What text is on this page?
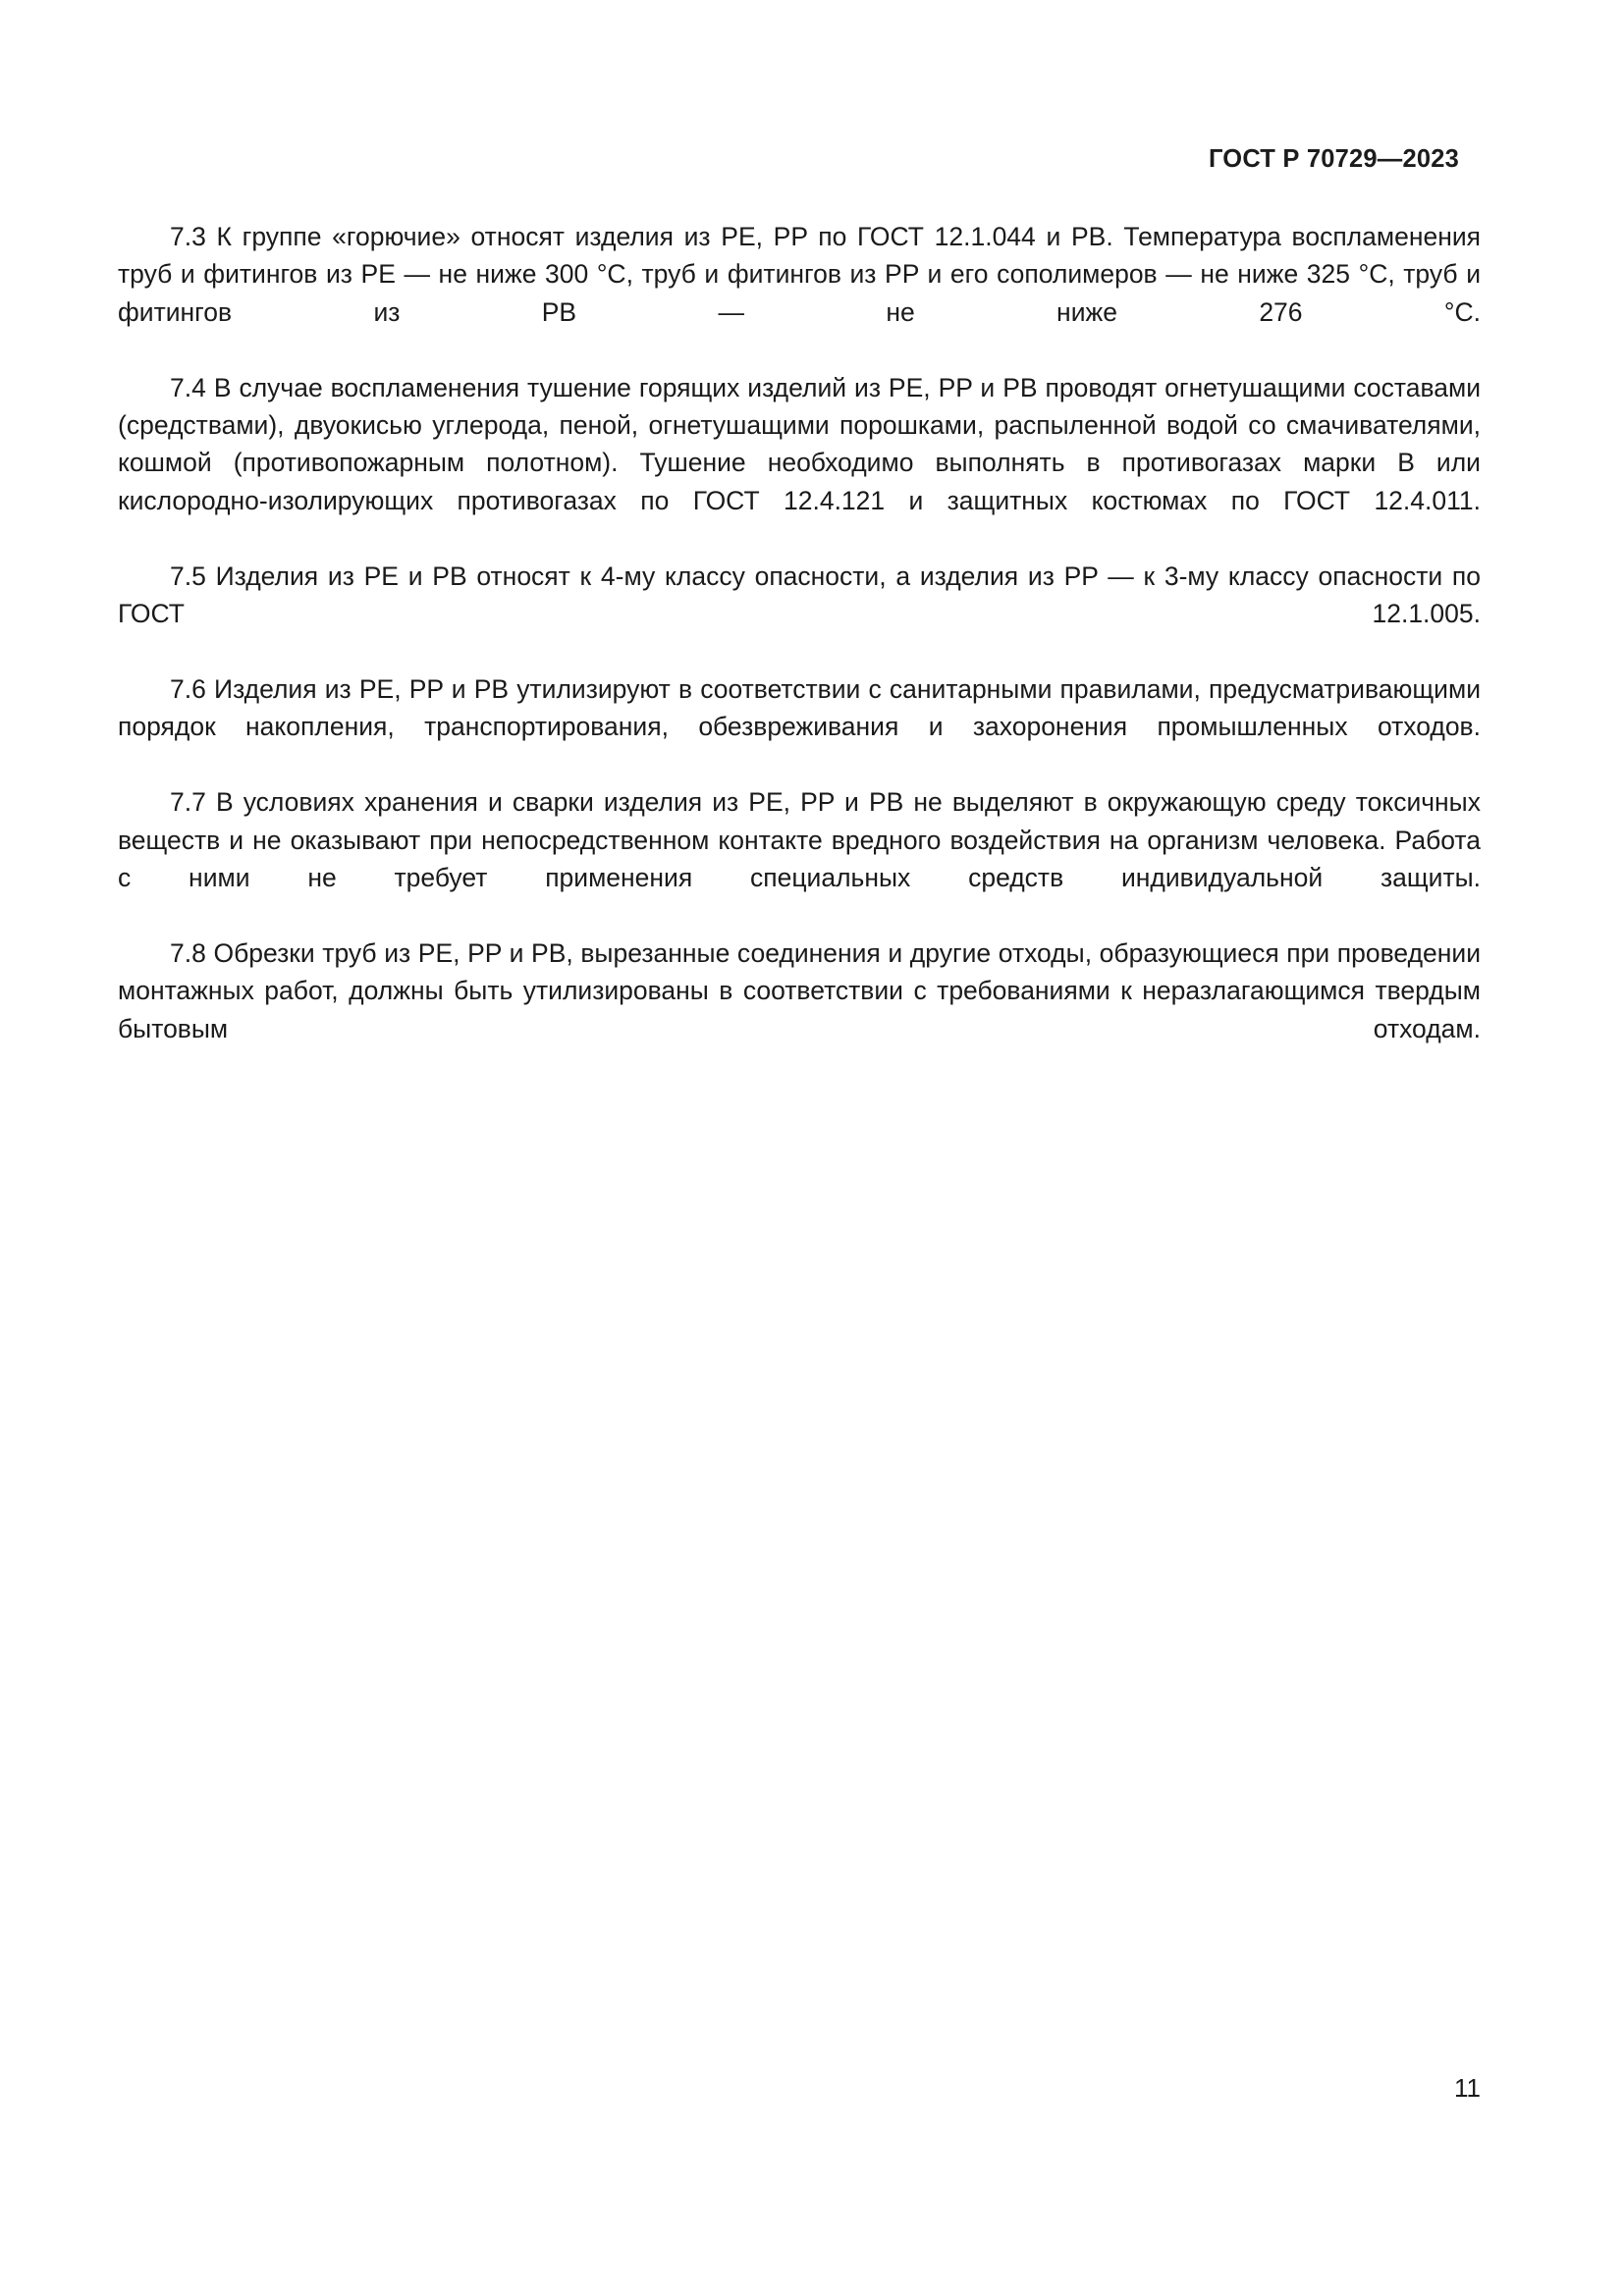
ГОСТ Р 70729—2023

7.3 К группе «горючие» относят изделия из PE, PP по ГОСТ 12.1.044 и PB. Температура воспламенения труб и фитингов из PE — не ниже 300 °С, труб и фитингов из PP и его сополимеров — не ниже 325 °С, труб и фитингов из PB — не ниже 276 °С.

7.4 В случае воспламенения тушение горящих изделий из PE, PP и PB проводят огнетушащими составами (средствами), двуокисью углерода, пеной, огнетушащими порошками, распыленной водой со смачивателями, кошмой (противопожарным полотном). Тушение необходимо выполнять в противогазах марки В или кислородно-изолирующих противогазах по ГОСТ 12.4.121 и защитных костюмах по ГОСТ 12.4.011.

7.5 Изделия из PE и PB относят к 4-му классу опасности, а изделия из PP — к 3-му классу опасности по ГОСТ 12.1.005.

7.6 Изделия из PE, PP и PB утилизируют в соответствии с санитарными правилами, предусматривающими порядок накопления, транспортирования, обезвреживания и захоронения промышленных отходов.

7.7 В условиях хранения и сварки изделия из PE, PP и PB не выделяют в окружающую среду токсичных веществ и не оказывают при непосредственном контакте вредного воздействия на организм человека. Работа с ними не требует применения специальных средств индивидуальной защиты.

7.8 Обрезки труб из PE, PP и PB, вырезанные соединения и другие отходы, образующиеся при проведении монтажных работ, должны быть утилизированы в соответствии с требованиями к неразлагающимся твердым бытовым отходам.

11
